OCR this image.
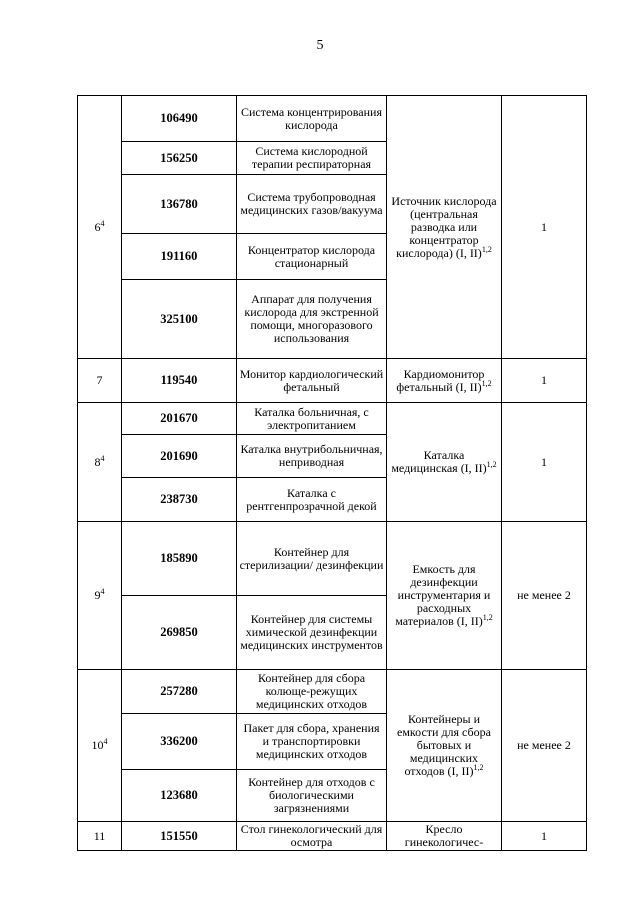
5
$6^4$	106490	Система концентрирования кислорода	Источник кислорода (центральная разводка или концентратор кислорода) (I, II)$^{1,2}$	1
	156250	Система кислородной терапии респираторная		
	136780	Система трубопроводная медицинских газов/вакуума		
	191160	Концентратор кислорода стационарный		
	325100	Аппарат для получения кислорода для экстренной помощи, многоразового использования		
7	119540	Монитор кардиологический фетальный	Кардиомонитор фетальный (I, II)$^{1,2}$	1
$8^4$	201670	Каталка больничная, с электропитанием	Каталка медицинская (I, II)$^{1,2}$	1
	201690	Каталка внутрибольничная, неприводная		
	238730	Каталка с рентгенпрозрачной декой		
$9^4$	185890	Контейнер для стерилизации/ дезинфекции	Емкость для дезинфекции инструментария и расходных материалов (I, II)$^{1,2}$	не менее 2
	269850	Контейнер для системы химической дезинфекции медицинских инструментов		
$10^4$	257280	Контейнер для сбора колюще-режущих медицинских отходов	Контейнеры и емкости для сбора бытовых и медицинских отходов (I, II)$^{1,2}$	не менее 2
	336200	Пакет для сбора, хранения и транспортировки медицинских отходов		
	123680	Контейнер для отходов с биологическими загрязнениями		
11	151550	Стол гинекологический для осмотра	Кресло гинекологичес-	1
